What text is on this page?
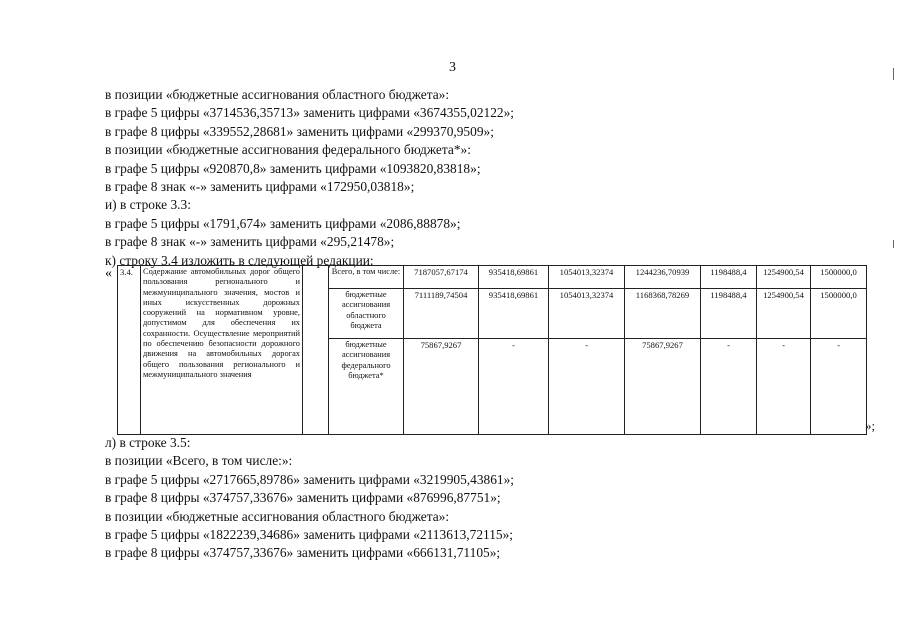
3
в позиции «бюджетные ассигнования областного бюджета»:
в графе 5 цифры «3714536,35713» заменить цифрами «3674355,02122»;
в графе 8 цифры «339552,28681» заменить цифрами «299370,9509»;
в позиции «бюджетные ассигнования федерального бюджета*»:
в графе 5 цифры «920870,8» заменить цифрами «1093820,83818»;
в графе 8 знак «-» заменить цифрами «172950,03818»;
и) в строке 3.3:
в графе 5 цифры «1791,674» заменить цифрами «2086,88878»;
в графе 8 знак «-» заменить цифрами «295,21478»;
к) строку 3.4 изложить в следующей редакции:
« 3.4.	Содержание автомобильных дорог общего пользования регионального и межмуниципального значения, мостов и иных искусственных дорожных сооружений на нормативном уровне, допустимом для обеспечения их сохранности. Осуществление мероприятий по обеспечению безопасности дорожного движения на автомобильных дорогах общего пользования регионального и межмуниципального значения		Всего, в том числе:	7187057,67174	935418,69861	1054013,32374	1244236,70939	1198488,4	1254900,54	1500000,0
			бюджетные ассигнования областного бюджета	7111189,74504	935418,69861	1054013,32374	1168368,78269	1198488,4	1254900,54	1500000,0
			бюджетные ассигнования федерального бюджета*	75867,9267	-	-	75867,9267	-	-	-
»;
л) в строке 3.5:
в позиции «Всего, в том числе:»:
в графе 5 цифры «2717665,89786» заменить цифрами «3219905,43861»;
в графе 8 цифры «374757,33676» заменить цифрами «876996,87751»;
в позиции «бюджетные ассигнования областного бюджета»:
в графе 5 цифры «1822239,34686» заменить цифрами «2113613,72115»;
в графе 8 цифры «374757,33676» заменить цифрами «666131,71105»;
